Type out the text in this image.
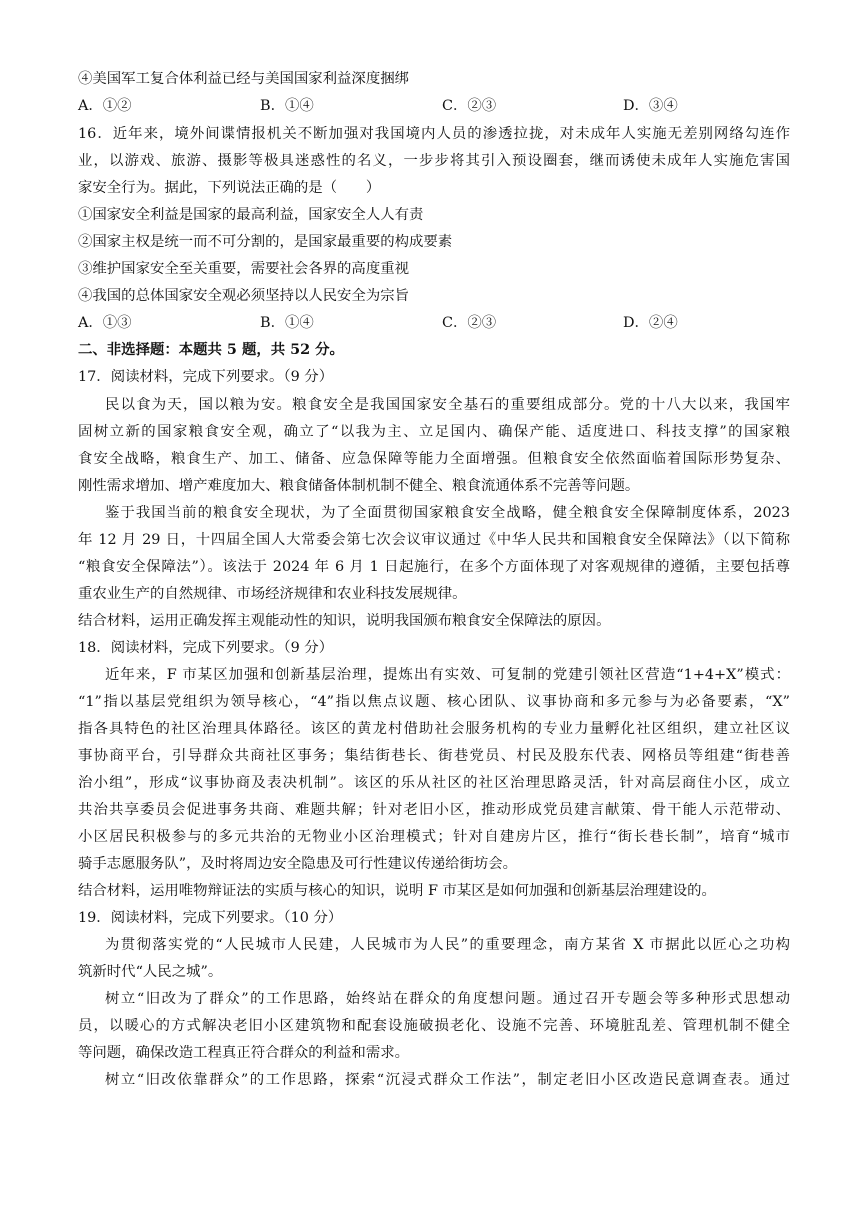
④美国军工复合体利益已经与美国国家利益深度捆绑
A．①②	B．①④	C．②③	D．③④
16．近年来，境外间谍情报机关不断加强对我国境内人员的渗透拉拢，对未成年人实施无差别网络勾连作
业，以游戏、旅游、摄影等极具迷惑性的名义，一步步将其引入预设圈套，继而诱使未成年人实施危害国
家安全行为。据此，下列说法正确的是（　　）
①国家安全利益是国家的最高利益，国家安全人人有责
②国家主权是统一而不可分割的，是国家最重要的构成要素
③维护国家安全至关重要，需要社会各界的高度重视
④我国的总体国家安全观必须坚持以人民安全为宗旨
A．①③	B．①④	C．②③	D．②④
二、非选择题：本题共 5 题，共 52 分。
17．阅读材料，完成下列要求。（9 分）
民以食为天，国以粮为安。粮食安全是我国国家安全基石的重要组成部分。党的十八大以来，我国牢
固树立新的国家粮食安全观，确立了“以我为主、立足国内、确保产能、适度进口、科技支撑”的国家粮
食安全战略，粮食生产、加工、储备、应急保障等能力全面增强。但粮食安全依然面临着国际形势复杂、
刚性需求增加、增产难度加大、粮食储备体制机制不健全、粮食流通体系不完善等问题。
鉴于我国当前的粮食安全现状，为了全面贯彻国家粮食安全战略，健全粮食安全保障制度体系，2023
年 12 月 29 日，十四届全国人大常委会第七次会议审议通过《中华人民共和国粮食安全保障法》（以下简称
“粮食安全保障法”）。该法于 2024 年 6 月 1 日起施行，在多个方面体现了对客观规律的遵循，主要包括尊
重农业生产的自然规律、市场经济规律和农业科技发展规律。
结合材料，运用正确发挥主观能动性的知识，说明我国颁布粮食安全保障法的原因。
18．阅读材料，完成下列要求。（9 分）
近年来，F 市某区加强和创新基层治理，提炼出有实效、可复制的党建引领社区营造“1+4+X”模式：
“1”指以基层党组织为领导核心，“4”指以焦点议题、核心团队、议事协商和多元参与为必备要素，“X”
指各具特色的社区治理具体路径。该区的黄龙村借助社会服务机构的专业力量孵化社区组织，建立社区议
事协商平台，引导群众共商社区事务；集结街巷长、街巷党员、村民及股东代表、网格员等组建“街巷善
治小组”，形成“议事协商及表决机制”。该区的乐从社区的社区治理思路灵活，针对高层商住小区，成立
共治共享委员会促进事务共商、难题共解；针对老旧小区，推动形成党员建言献策、骨干能人示范带动、
小区居民积极参与的多元共治的无物业小区治理模式；针对自建房片区，推行“街长巷长制”，培育“城市
骑手志愿服务队”，及时将周边安全隐患及可行性建议传递给街坊会。
结合材料，运用唯物辩证法的实质与核心的知识，说明 F 市某区是如何加强和创新基层治理建设的。
19．阅读材料，完成下列要求。（10 分）
为贯彻落实党的“人民城市人民建，人民城市为人民”的重要理念，南方某省 X 市据此以匠心之功构
筑新时代“人民之城”。
树立“旧改为了群众”的工作思路，始终站在群众的角度想问题。通过召开专题会等多种形式思想动
员，以暖心的方式解决老旧小区建筑物和配套设施破损老化、设施不完善、环境脏乱差、管理机制不健全
等问题，确保改造工程真正符合群众的利益和需求。
树立“旧改依靠群众”的工作思路，探索“沉浸式群众工作法”，制定老旧小区改造民意调查表。通过
